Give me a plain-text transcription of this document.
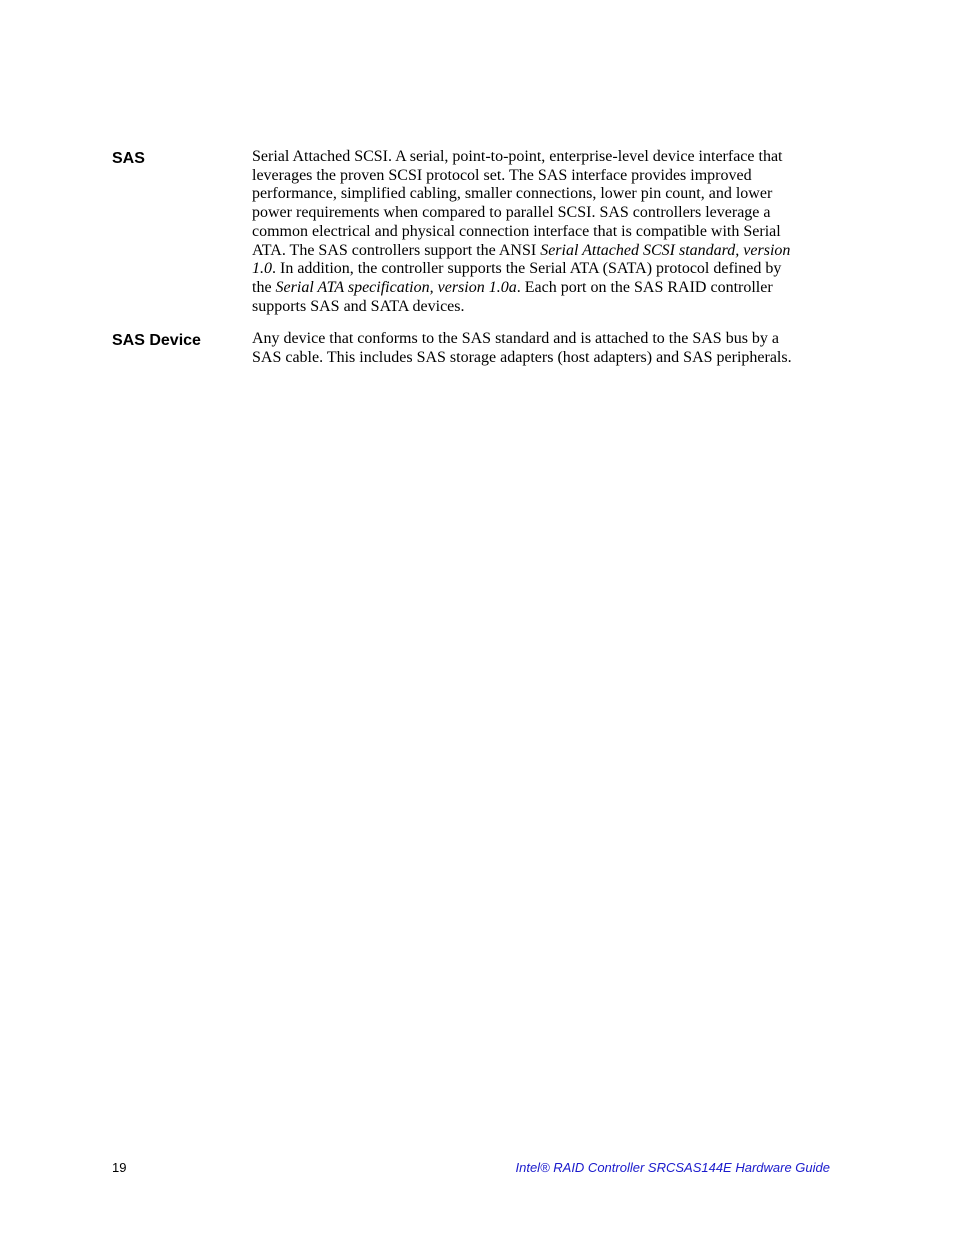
SAS	Serial Attached SCSI. A serial, point-to-point, enterprise-level device interface that
leverages the proven SCSI protocol set. The SAS interface provides improved
performance, simplified cabling, smaller connections, lower pin count, and lower
power requirements when compared to parallel SCSI. SAS controllers leverage a
common electrical and physical connection interface that is compatible with Serial
ATA. The SAS controllers support the ANSI Serial Attached SCSI standard, version
1.0. In addition, the controller supports the Serial ATA (SATA) protocol defined by
the Serial ATA specification, version 1.0a. Each port on the SAS RAID controller
supports SAS and SATA devices.
SAS Device	Any device that conforms to the SAS standard and is attached to the SAS bus by a
SAS cable. This includes SAS storage adapters (host adapters) and SAS peripherals.
19	Intel® RAID Controller SRCSAS144E Hardware Guide
